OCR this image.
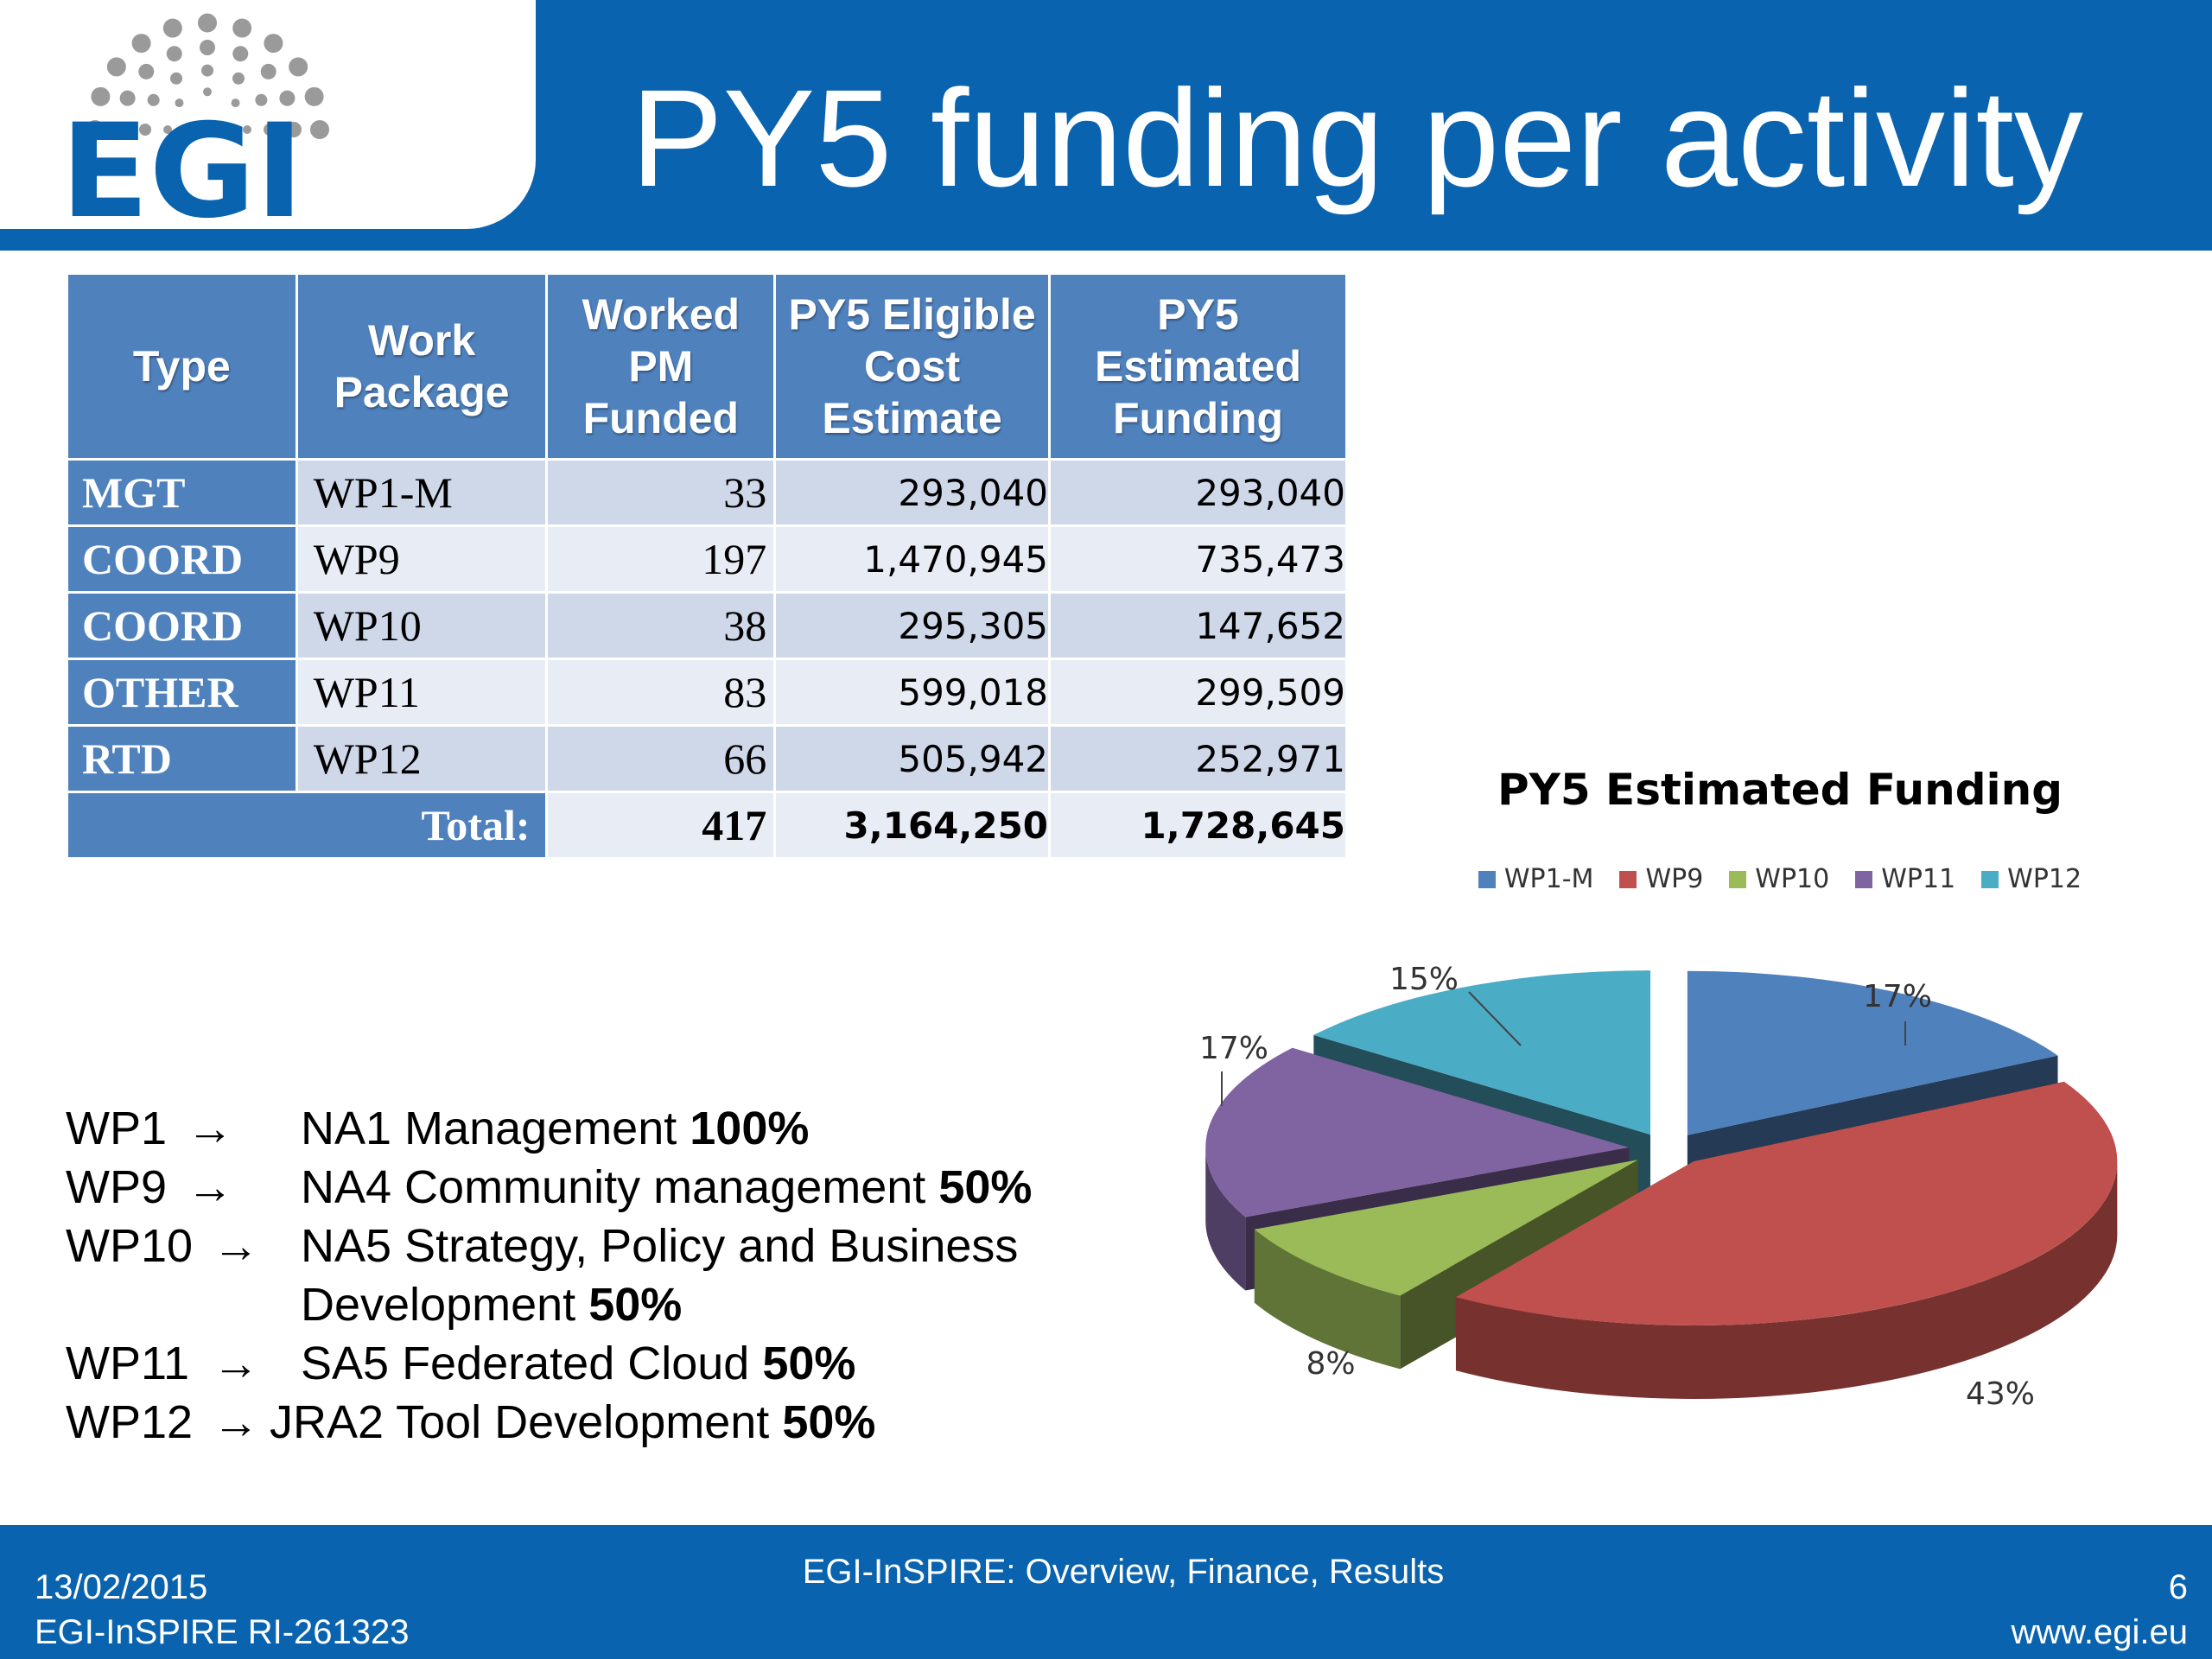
EGI PY5 funding per activity
Type	Work Package	Worked PM Funded	PY5 Eligible Cost Estimate	PY5 Estimated Funding
MGT	WP1-M	33	293,040	293,040
COORD	WP9	197	1,470,945	735,473
COORD	WP10	38	295,305	147,652
OTHER	WP11	83	599,018	299,509
RTD	WP12	66	505,942	252,971
Total:		417	3,164,250	1,728,645
PY5 Estimated Funding
WP1-M WP9 WP10 WP11 WP12
17%
43%
8%
17%
15%
WP1 → NA1 Management 100%
WP9 → NA4 Community management 50%
WP10 → NA5 Strategy, Policy and Business
Development 50%
WP11 → SA5 Federated Cloud 50%
WP12 → JRA2 Tool Development 50%
13/02/2015
EGI-InSPIRE RI-261323
EGI-InSPIRE: Overview, Finance, Results	6
www.egi.eu
